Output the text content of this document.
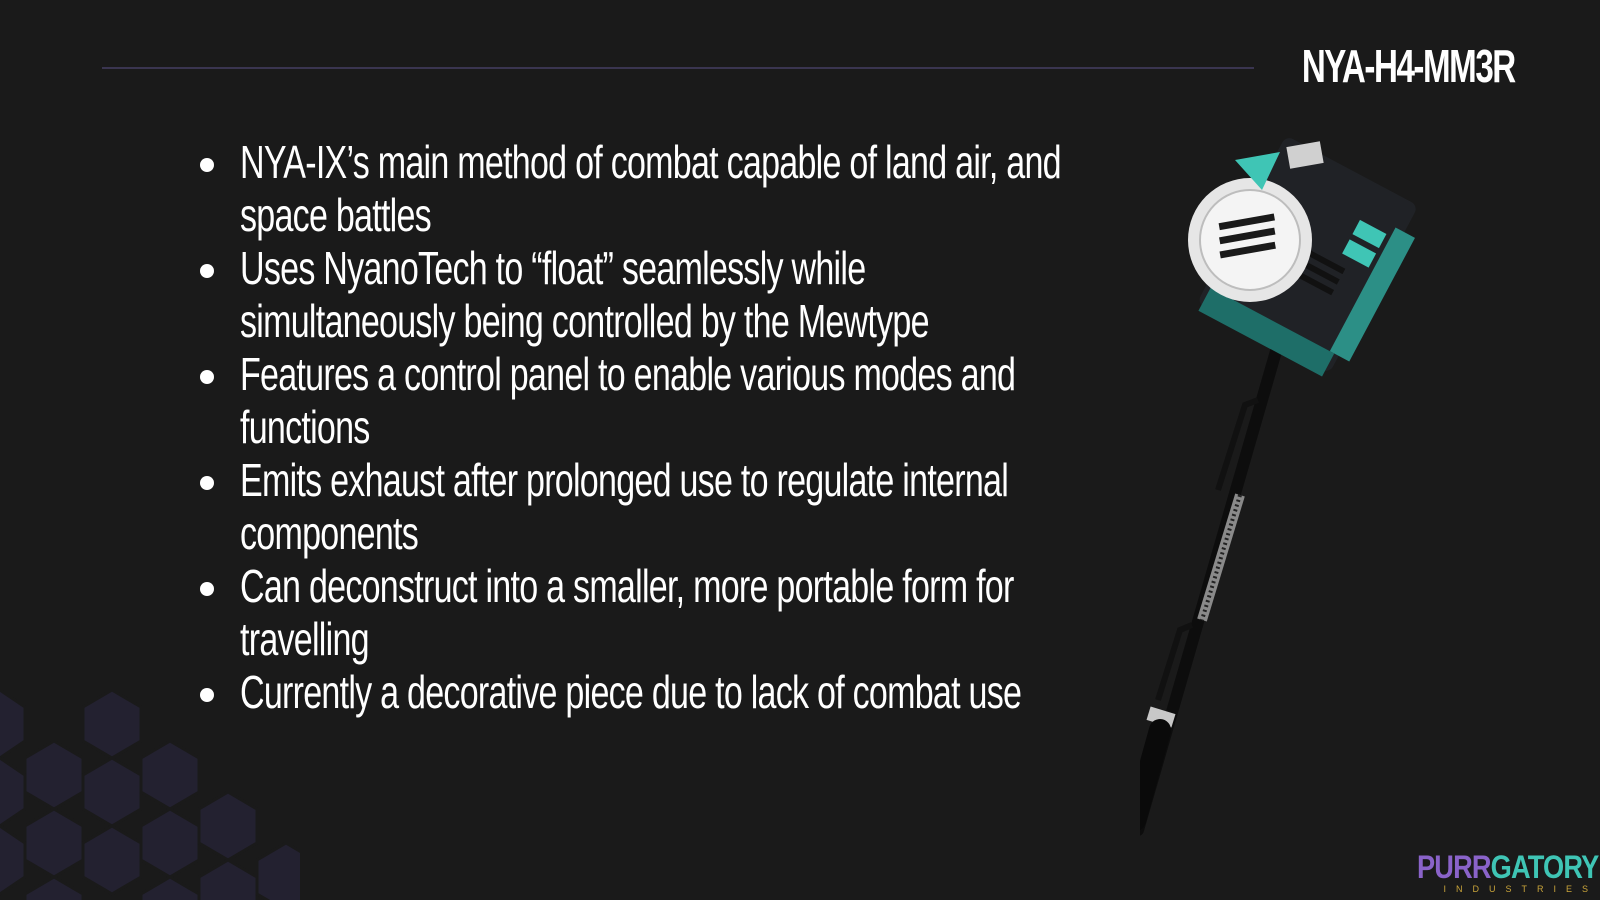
NYA-H4-MM3R
NYA-IX’s main method of combat capable of land air, and space battles
Uses NyanoTech to “float” seamlessly while simultaneously being controlled by the Mewtype
Features a control panel to enable various modes and functions
Emits exhaust after prolonged use to regulate internal components
Can deconstruct into a smaller, more portable form for travelling
Currently a decorative piece due to lack of combat use
PURRGATORY
INDUSTRIES
